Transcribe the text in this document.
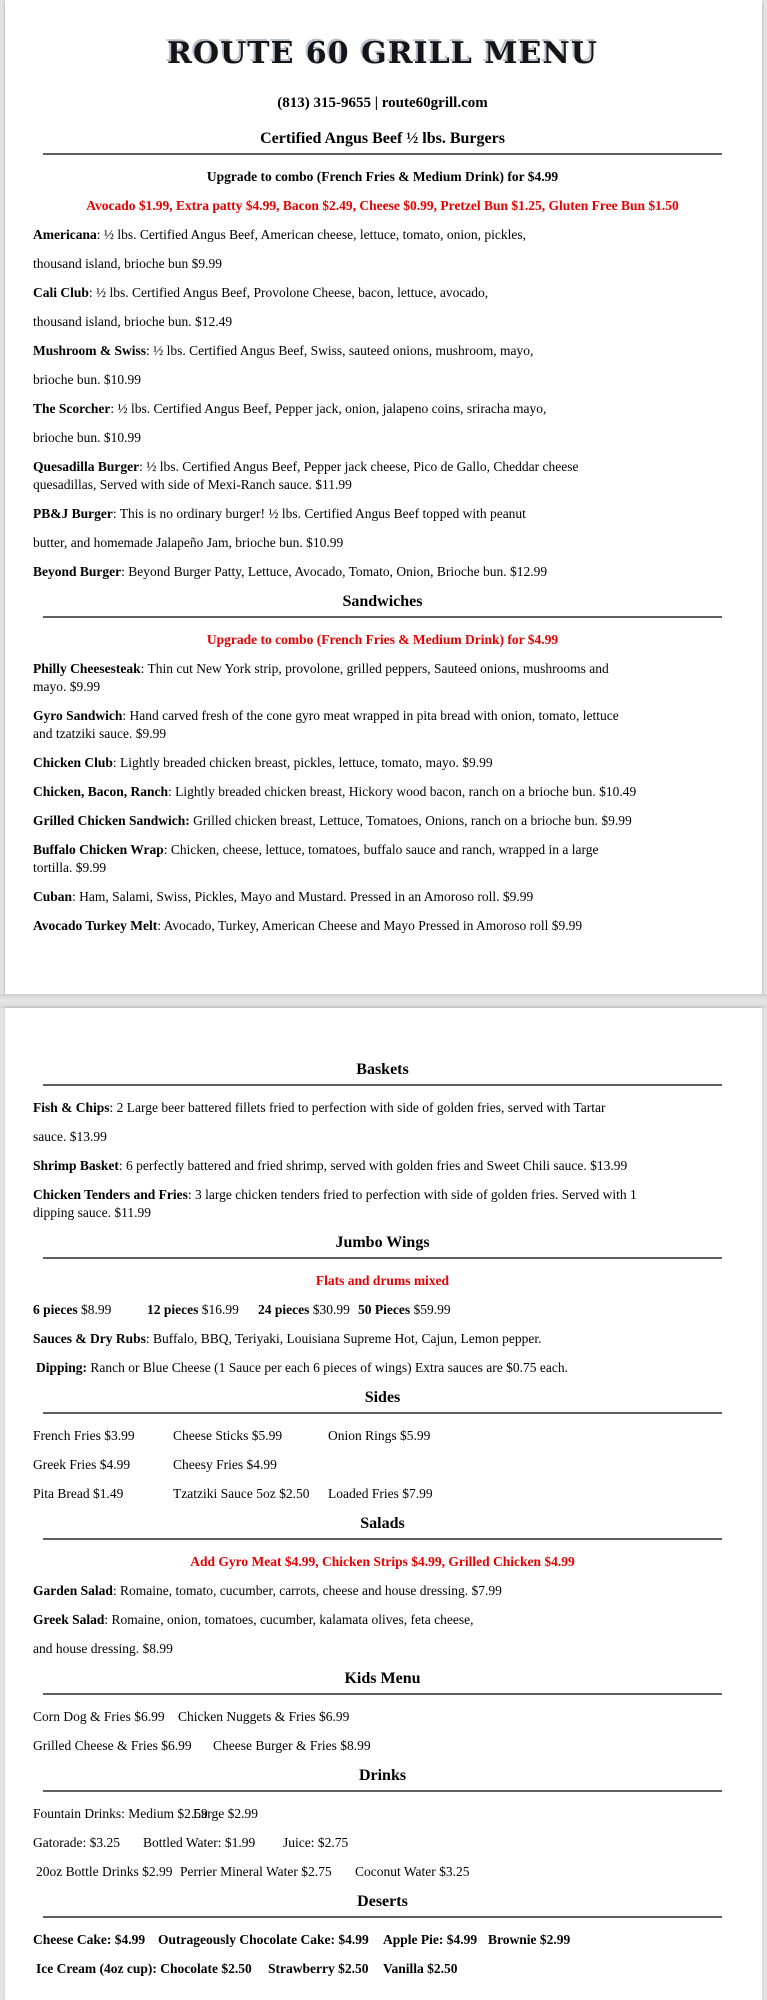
ROUTE 60 GRILL MENU
(813) 315-9655 | route60grill.com
Certified Angus Beef ½ lbs. Burgers
Upgrade to combo (French Fries & Medium Drink) for $4.99
Avocado $1.99, Extra patty $4.99, Bacon $2.49, Cheese $0.99, Pretzel Bun $1.25, Gluten Free Bun $1.50

Americana: ½ lbs. Certified Angus Beef, American cheese, lettuce, tomato, onion, pickles,

thousand island, brioche bun $9.99

Cali Club: ½ lbs. Certified Angus Beef, Provolone Cheese, bacon, lettuce, avocado,

thousand island, brioche bun. $12.49

Mushroom & Swiss: ½ lbs. Certified Angus Beef, Swiss, sauteed onions, mushroom, mayo,

brioche bun. $10.99

The Scorcher: ½ lbs. Certified Angus Beef, Pepper jack, onion, jalapeno coins, sriracha mayo,

brioche bun. $10.99

Quesadilla Burger: ½ lbs. Certified Angus Beef, Pepper jack cheese, Pico de Gallo, Cheddar cheese

quesadillas, Served with side of Mexi-Ranch sauce. $11.99

PB&J Burger: This is no ordinary burger! ½ lbs. Certified Angus Beef topped with peanut

butter, and homemade Jalapeño Jam, brioche bun. $10.99

Beyond Burger: Beyond Burger Patty, Lettuce, Avocado, Tomato, Onion, Brioche bun. $12.99

Sandwiches
Upgrade to combo (French Fries & Medium Drink) for $4.99

Philly Cheesesteak: Thin cut New York strip, provolone, grilled peppers, Sauteed onions, mushrooms and

mayo. $9.99

Gyro Sandwich: Hand carved fresh of the cone gyro meat wrapped in pita bread with onion, tomato, lettuce

and tzatziki sauce. $9.99

Chicken Club: Lightly breaded chicken breast, pickles, lettuce, tomato, mayo. $9.99

Chicken, Bacon, Ranch: Lightly breaded chicken breast, Hickory wood bacon, ranch on a brioche bun. $10.49

Grilled Chicken Sandwich: Grilled chicken breast, Lettuce, Tomatoes, Onions, ranch on a brioche bun. $9.99

Buffalo Chicken Wrap: Chicken, cheese, lettuce, tomatoes, buffalo sauce and ranch, wrapped in a large

tortilla. $9.99

Cuban: Ham, Salami, Swiss, Pickles, Mayo and Mustard. Pressed in an Amoroso roll. $9.99

Avocado Turkey Melt: Avocado, Turkey, American Cheese and Mayo Pressed in Amoroso roll $9.99

Baskets

Fish & Chips: 2 Large beer battered fillets fried to perfection with side of golden fries, served with Tartar

sauce. $13.99

Shrimp Basket: 6 perfectly battered and fried shrimp, served with golden fries and Sweet Chili sauce. $13.99

Chicken Tenders and Fries: 3 large chicken tenders fried to perfection with side of golden fries. Served with 1

dipping sauce. $11.99

Jumbo Wings
Flats and drums mixed
6 pieces $8.99	12 pieces $16.99 24 pieces $30.99 50 Pieces $59.99

Sauces & Dry Rubs: Buffalo, BBQ, Teriyaki, Louisiana Supreme Hot, Cajun, Lemon pepper.

Dipping: Ranch or Blue Cheese (1 Sauce per each 6 pieces of wings) Extra sauces are $0.75 each.

Sides
French Fries $3.99	Cheese Sticks $5.99	Onion Rings $5.99
Greek Fries $4.99	Cheesy Fries $4.99
Pita Bread $1.49	Tzatziki Sauce 5oz $2.50 Loaded Fries $7.99
Salads
Add Gyro Meat $4.99, Chicken Strips $4.99, Grilled Chicken $4.99

Garden Salad: Romaine, tomato, cucumber, carrots, cheese and house dressing. $7.99

Greek Salad: Romaine, onion, tomatoes, cucumber, kalamata olives, feta cheese,

and house dressing. $8.99

Kids Menu
Corn Dog & Fries $6.99 Chicken Nuggets & Fries $6.99
Grilled Cheese & Fries $6.99 Cheese Burger & Fries $8.99
Drinks
Fountain Drinks: Medium $2.59
Large $2.99
Gatorade: $3.25 Bottled Water: $1.99 Juice: $2.75
20oz Bottle Drinks $2.99 Perrier Mineral Water $2.75 Coconut Water $3.25
Deserts
Cheese Cake: $4.99 Outrageously Chocolate Cake: $4.99 Apple Pie: $4.99 Brownie $2.99
Ice Cream (4oz cup): Chocolate $2.50 Strawberry $2.50 Vanilla $2.50
